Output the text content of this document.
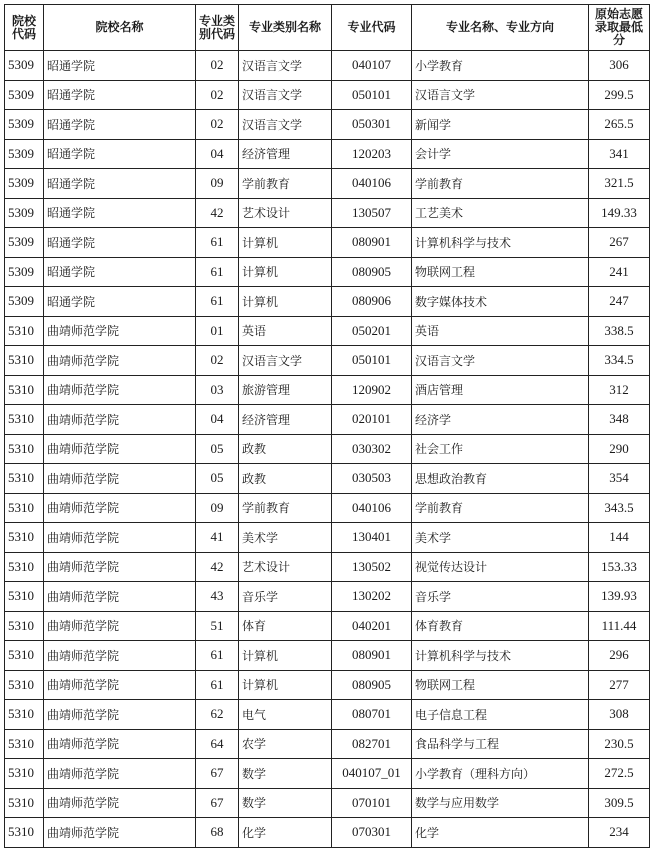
院校代码	院校名称	专业类别代码	专业类别名称	专业代码	专业名称、专业方向	原始志愿录取最低分
5309	昭通学院	02	汉语言文学	040107	小学教育	306
5309	昭通学院	02	汉语言文学	050101	汉语言文学	299.5
5309	昭通学院	02	汉语言文学	050301	新闻学	265.5
5309	昭通学院	04	经济管理	120203	会计学	341
5309	昭通学院	09	学前教育	040106	学前教育	321.5
5309	昭通学院	42	艺术设计	130507	工艺美术	149.33
5309	昭通学院	61	计算机	080901	计算机科学与技术	267
5309	昭通学院	61	计算机	080905	物联网工程	241
5309	昭通学院	61	计算机	080906	数字媒体技术	247
5310	曲靖师范学院	01	英语	050201	英语	338.5
5310	曲靖师范学院	02	汉语言文学	050101	汉语言文学	334.5
5310	曲靖师范学院	03	旅游管理	120902	酒店管理	312
5310	曲靖师范学院	04	经济管理	020101	经济学	348
5310	曲靖师范学院	05	政教	030302	社会工作	290
5310	曲靖师范学院	05	政教	030503	思想政治教育	354
5310	曲靖师范学院	09	学前教育	040106	学前教育	343.5
5310	曲靖师范学院	41	美术学	130401	美术学	144
5310	曲靖师范学院	42	艺术设计	130502	视觉传达设计	153.33
5310	曲靖师范学院	43	音乐学	130202	音乐学	139.93
5310	曲靖师范学院	51	体育	040201	体育教育	111.44
5310	曲靖师范学院	61	计算机	080901	计算机科学与技术	296
5310	曲靖师范学院	61	计算机	080905	物联网工程	277
5310	曲靖师范学院	62	电气	080701	电子信息工程	308
5310	曲靖师范学院	64	农学	082701	食品科学与工程	230.5
5310	曲靖师范学院	67	数学	040107_01	小学教育（理科方向）	272.5
5310	曲靖师范学院	67	数学	070101	数学与应用数学	309.5
5310	曲靖师范学院	68	化学	070301	化学	234
